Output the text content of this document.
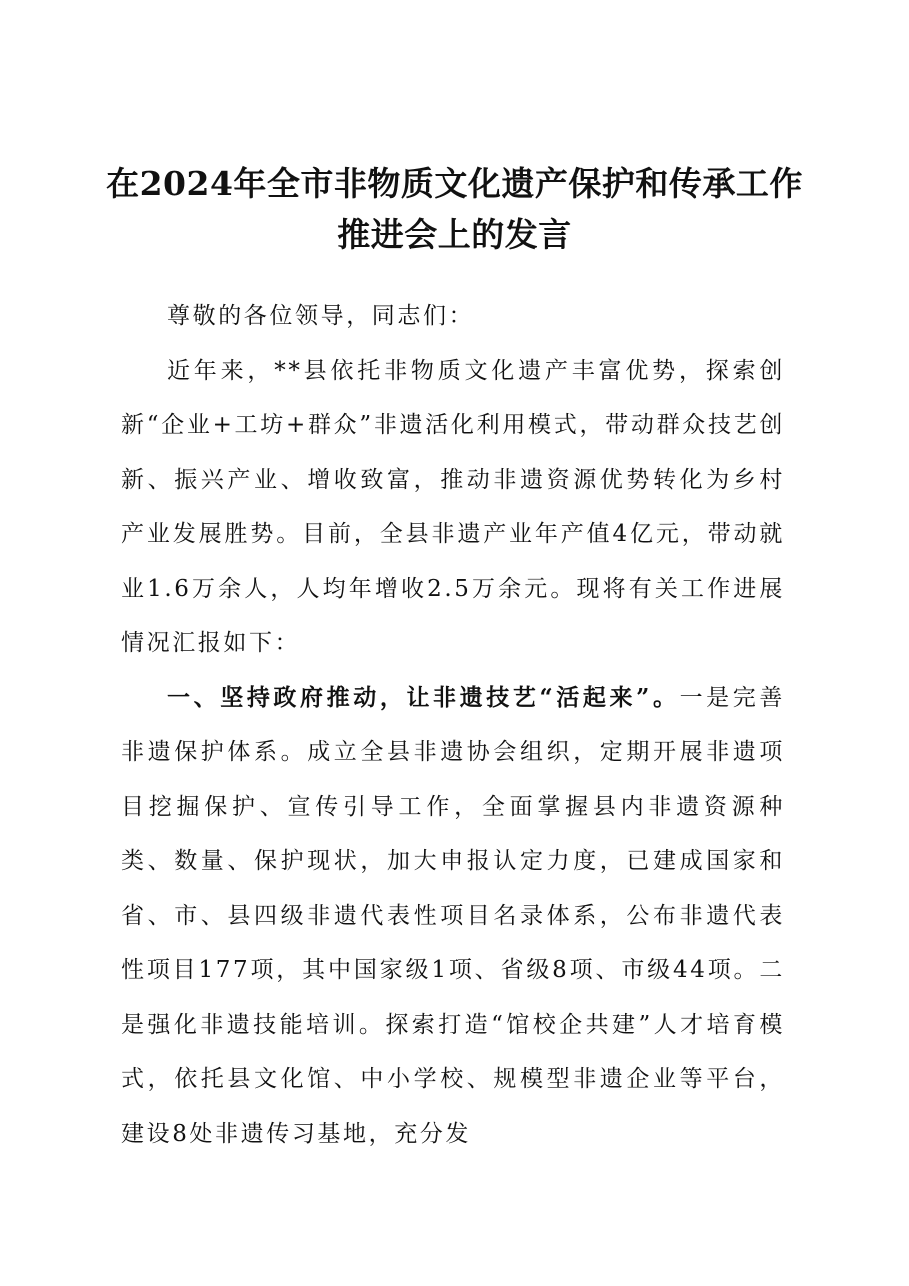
在2024年全市非物质文化遗产保护和传承工作推进会上的发言

尊敬的各位领导，同志们：

近年来，**县依托非物质文化遗产丰富优势，探索创新“企业+工坊+群众”非遗活化利用模式，带动群众技艺创新、振兴产业、增收致富，推动非遗资源优势转化为乡村产业发展胜势。目前，全县非遗产业年产值4亿元，带动就业1.6万余人，人均年增收2.5万余元。现将有关工作进展情况汇报如下：

一、坚持政府推动，让非遗技艺“活起来”。一是完善非遗保护体系。成立全县非遗协会组织，定期开展非遗项目挖掘保护、宣传引导工作，全面掌握县内非遗资源种类、数量、保护现状，加大申报认定力度，已建成国家和省、市、县四级非遗代表性项目名录体系，公布非遗代表性项目177项，其中国家级1项、省级8项、市级44项。二是强化非遗技能培训。探索打造“馆校企共建”人才培育模式，依托县文化馆、中小学校、规模型非遗企业等平台，建设8处非遗传习基地，充分发
